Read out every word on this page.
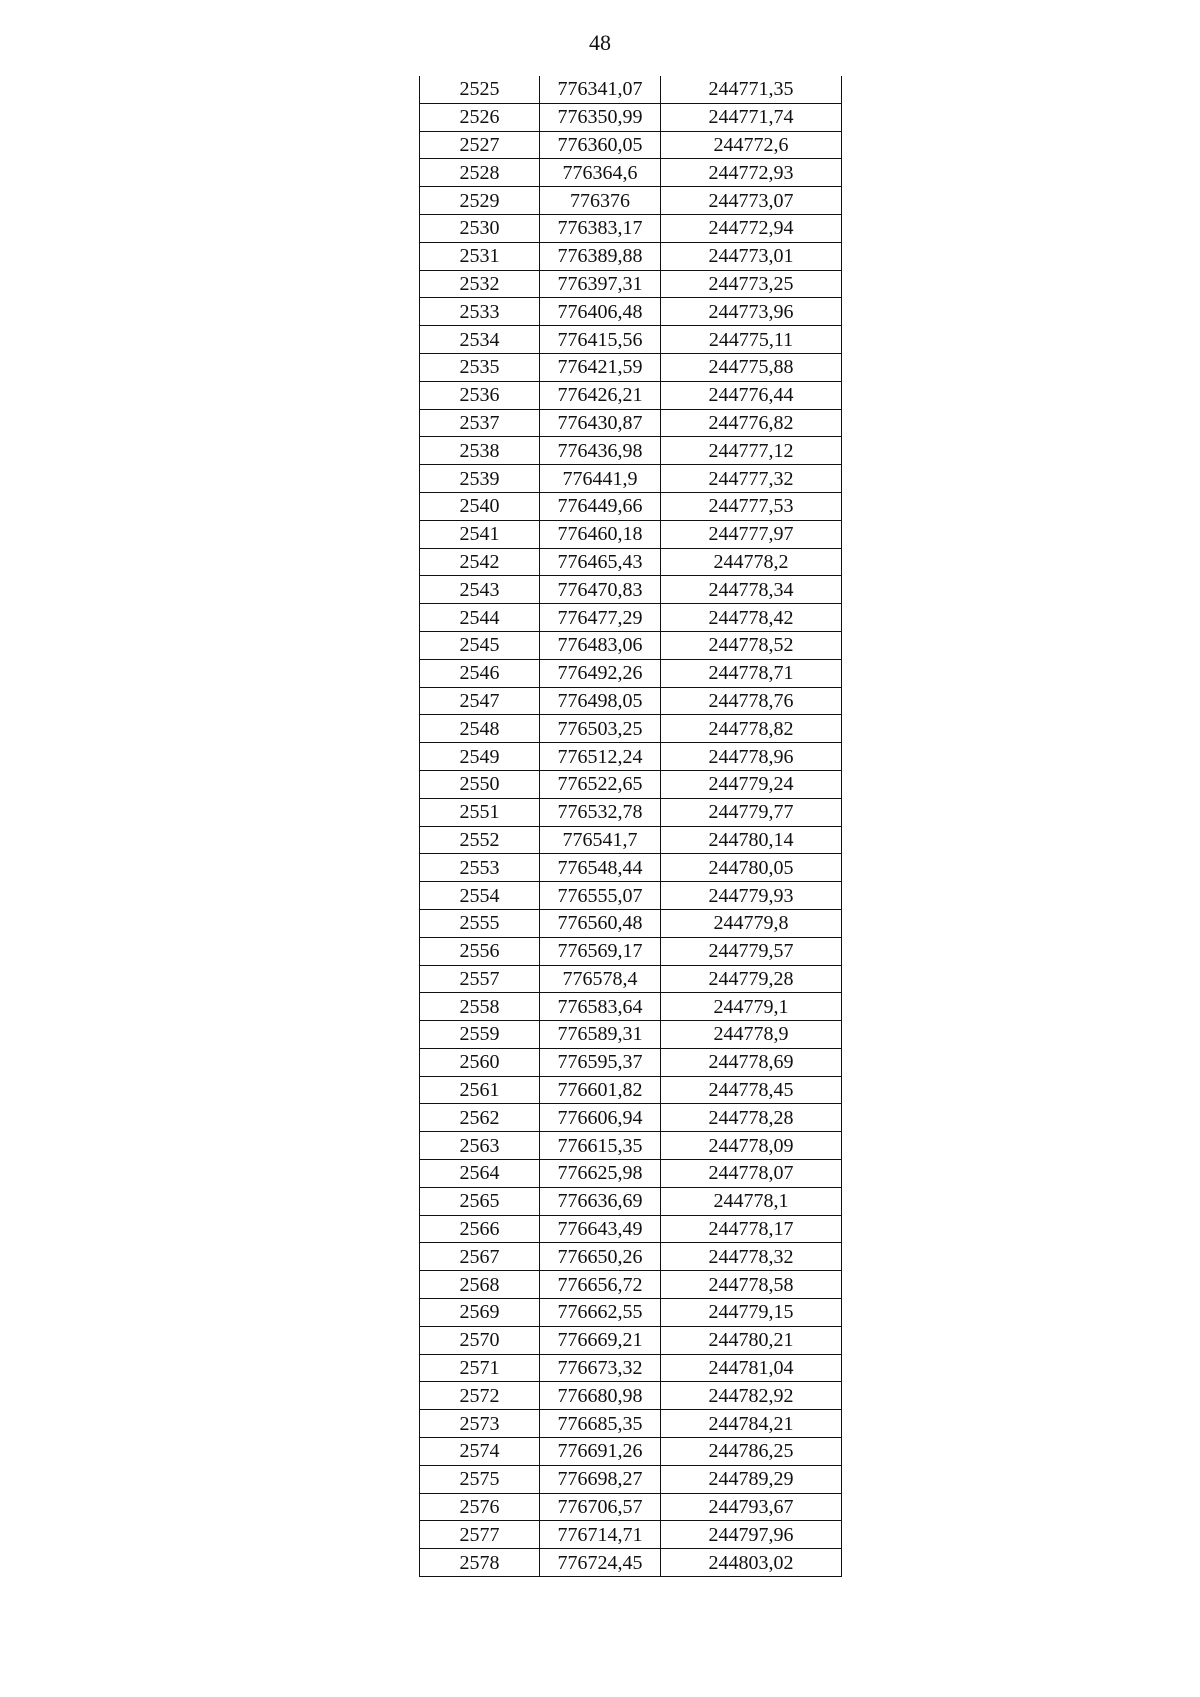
48
2525	776341,07	244771,35
2526	776350,99	244771,74
2527	776360,05	244772,6
2528	776364,6	244772,93
2529	776376	244773,07
2530	776383,17	244772,94
2531	776389,88	244773,01
2532	776397,31	244773,25
2533	776406,48	244773,96
2534	776415,56	244775,11
2535	776421,59	244775,88
2536	776426,21	244776,44
2537	776430,87	244776,82
2538	776436,98	244777,12
2539	776441,9	244777,32
2540	776449,66	244777,53
2541	776460,18	244777,97
2542	776465,43	244778,2
2543	776470,83	244778,34
2544	776477,29	244778,42
2545	776483,06	244778,52
2546	776492,26	244778,71
2547	776498,05	244778,76
2548	776503,25	244778,82
2549	776512,24	244778,96
2550	776522,65	244779,24
2551	776532,78	244779,77
2552	776541,7	244780,14
2553	776548,44	244780,05
2554	776555,07	244779,93
2555	776560,48	244779,8
2556	776569,17	244779,57
2557	776578,4	244779,28
2558	776583,64	244779,1
2559	776589,31	244778,9
2560	776595,37	244778,69
2561	776601,82	244778,45
2562	776606,94	244778,28
2563	776615,35	244778,09
2564	776625,98	244778,07
2565	776636,69	244778,1
2566	776643,49	244778,17
2567	776650,26	244778,32
2568	776656,72	244778,58
2569	776662,55	244779,15
2570	776669,21	244780,21
2571	776673,32	244781,04
2572	776680,98	244782,92
2573	776685,35	244784,21
2574	776691,26	244786,25
2575	776698,27	244789,29
2576	776706,57	244793,67
2577	776714,71	244797,96
2578	776724,45	244803,02
